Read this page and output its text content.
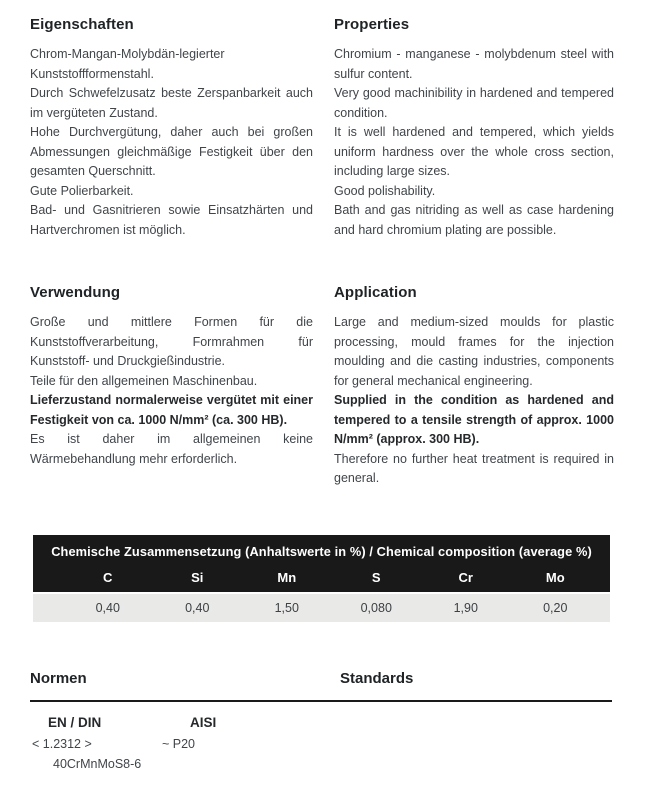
Eigenschaften

Chrom-Mangan-Molybdän-legierter Kunststoffformenstahl.

Durch Schwefelzusatz beste Zerspanbarkeit auch im vergüteten Zustand.

Hohe Durchvergütung, daher auch bei großen Abmessungen gleichmäßige Festigkeit über den gesamten Querschnitt.

Gute Polierbarkeit.

Bad- und Gasnitrieren sowie Einsatzhärten und Hartverchromen ist möglich.

Properties

Chromium - manganese - molybdenum steel with sulfur content.

Very good machinibility in hardened and tempered condition.

It is well hardened and tempered, which yields uniform hardness over the whole cross section, including large sizes.

Good polishability.

Bath and gas nitriding as well as case hardening and hard chromium plating are possible.

Verwendung

Große und mittlere Formen für die Kunststoffverarbeitung, Formrahmen für Kunststoff- und Druckgießindustrie.

Teile für den allgemeinen Maschinenbau.

Lieferzustand normalerweise vergütet mit einer Festigkeit von ca. 1000 N/mm² (ca. 300 HB).

Es ist daher im allgemeinen keine Wärmebehandlung mehr erforderlich.

Application

Large and medium-sized moulds for plastic processing, mould frames for the injection moulding and die casting industries, components for general mechanical engineering.

Supplied in the condition as hardened and tempered to a tensile strength of approx. 1000 N/mm² (approx. 300 HB).

Therefore no further heat treatment is required in general.

Chemische Zusammensetzung (Anhaltswerte in %) / Chemical composition (average %)
C	Si	Mn	S	Cr	Mo
0,40	0,40	1,50	0,080	1,90	0,20
Normen	Standards
EN / DIN	AISI
< 1.2312 >	~ P20
40CrMnMoS8-6
